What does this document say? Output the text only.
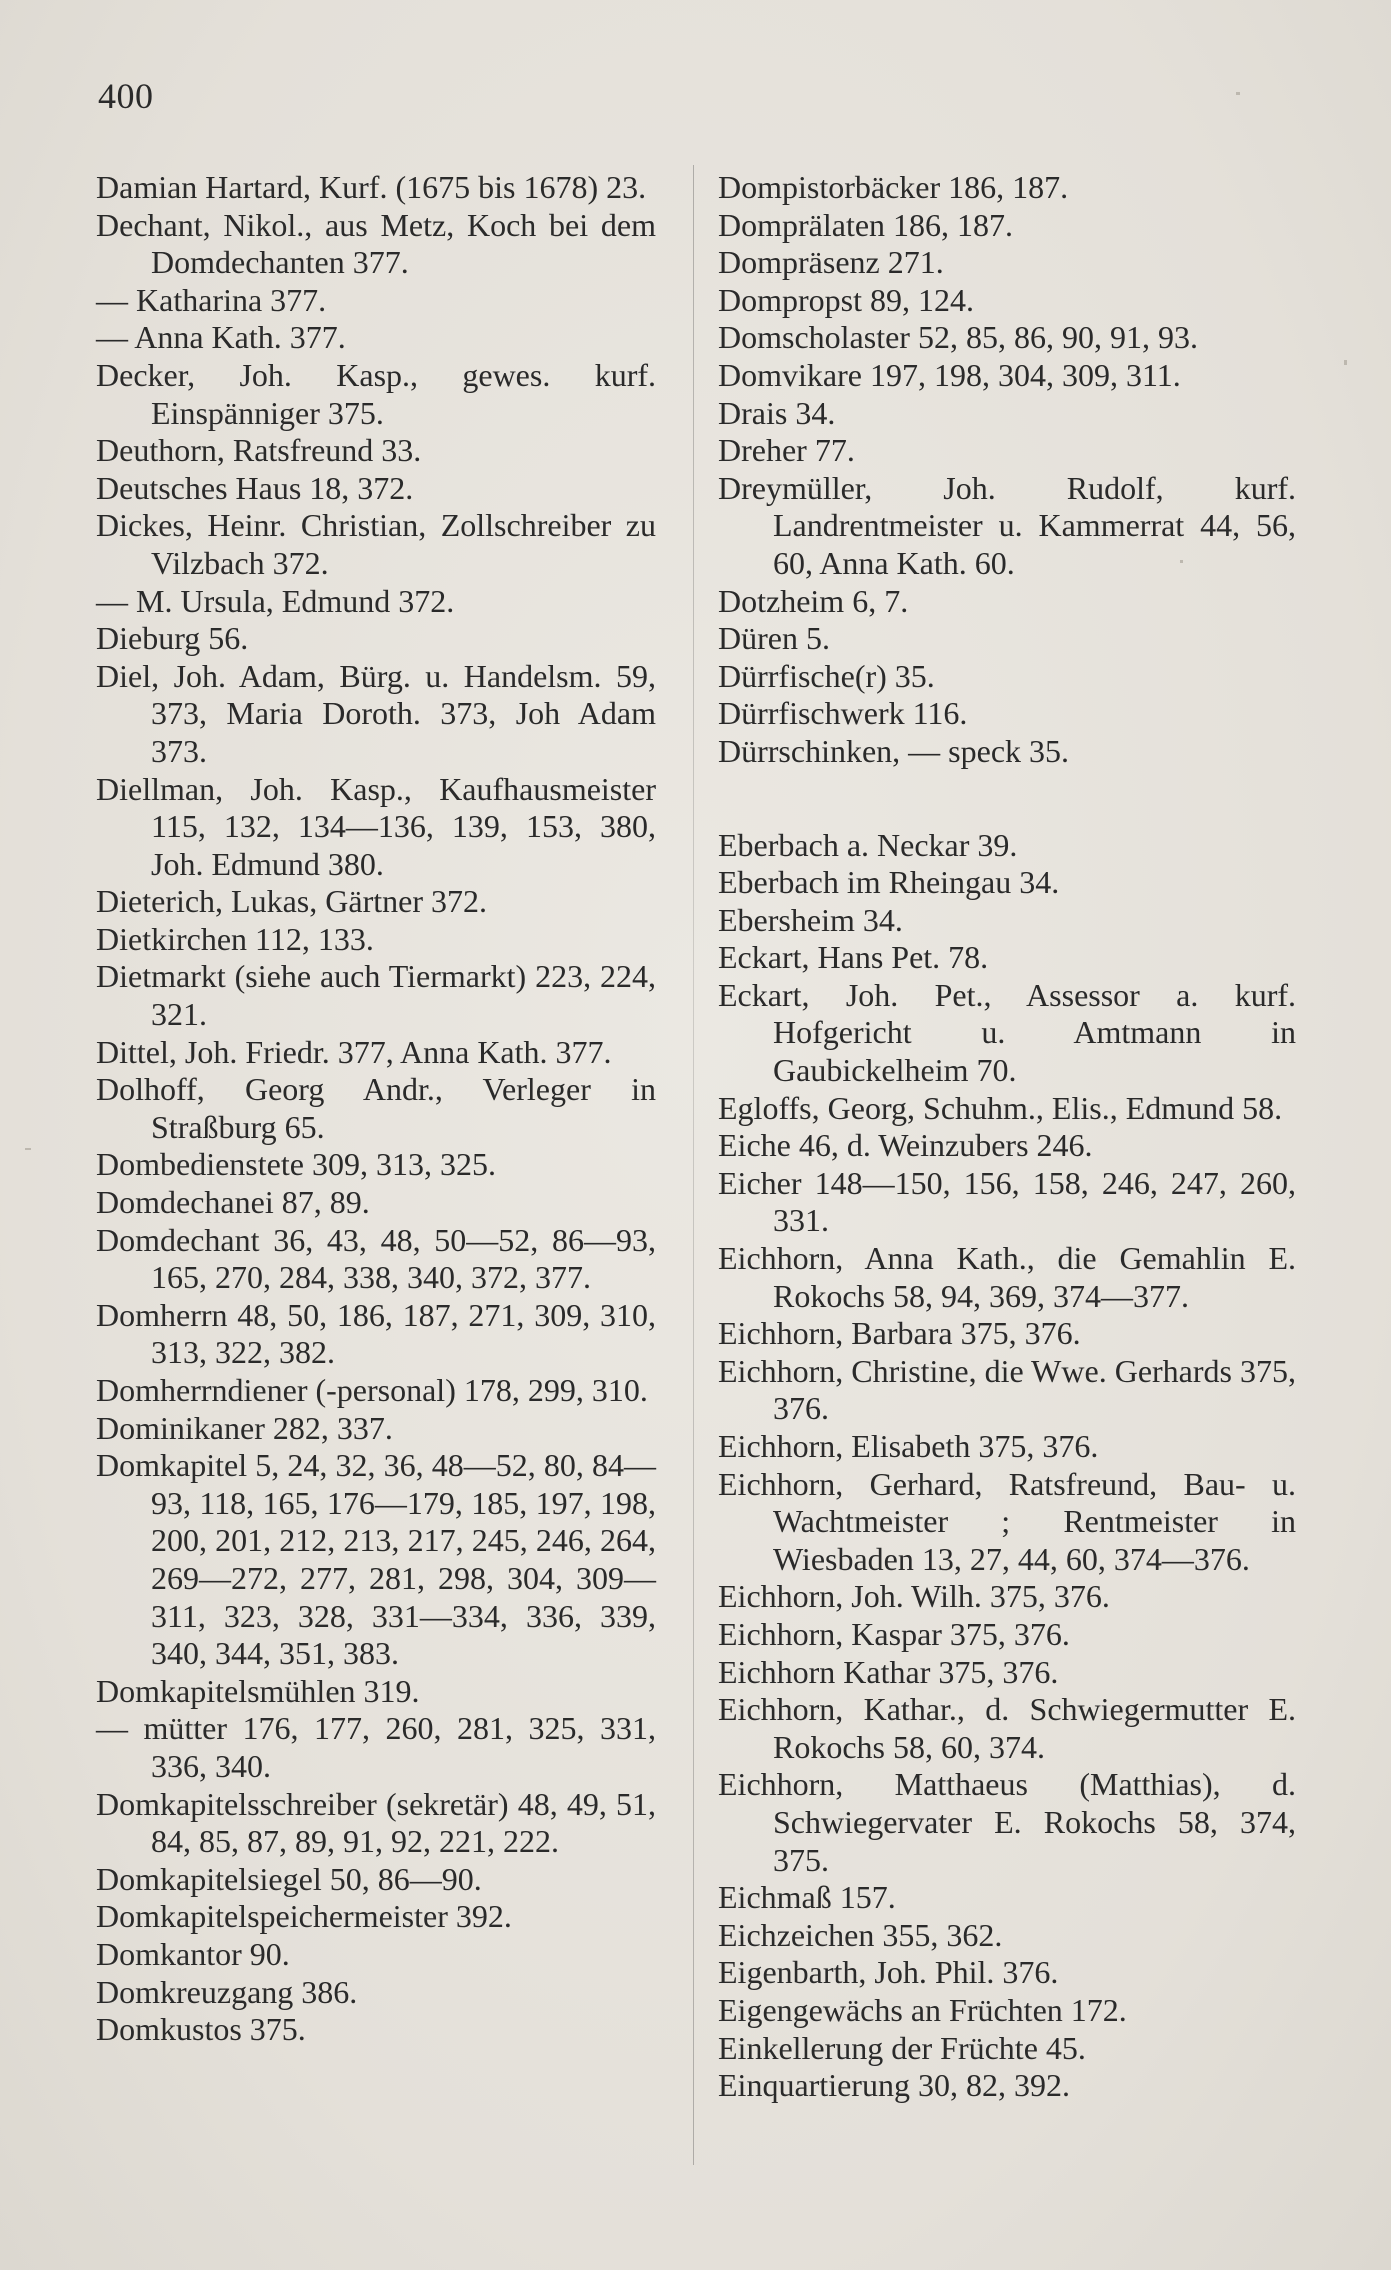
400

Damian Hartard, Kurf. (1675 bis 1678) 23.

Dechant, Nikol., aus Metz, Koch bei dem Domdechanten 377.

— Katharina 377.

— Anna Kath. 377.

Decker, Joh. Kasp., gewes. kurf. Einspänniger 375.

Deuthorn, Ratsfreund 33.

Deutsches Haus 18, 372.

Dickes, Heinr. Christian, Zollschreiber zu Vilzbach 372.

— M. Ursula, Edmund 372.

Dieburg 56.

Diel, Joh. Adam, Bürg. u. Handelsm. 59, 373, Maria Doroth. 373, Joh Adam 373.

Diellman, Joh. Kasp., Kaufhausmeister 115, 132, 134—136, 139, 153, 380, Joh. Edmund 380.

Dieterich, Lukas, Gärtner 372.

Dietkirchen 112, 133.

Dietmarkt (siehe auch Tiermarkt) 223, 224, 321.

Dittel, Joh. Friedr. 377, Anna Kath. 377.

Dolhoff, Georg Andr., Verleger in Straßburg 65.

Dombedienstete 309, 313, 325.

Domdechanei 87, 89.

Domdechant 36, 43, 48, 50—52, 86—93, 165, 270, 284, 338, 340, 372, 377.

Domherrn 48, 50, 186, 187, 271, 309, 310, 313, 322, 382.

Domherrndiener (-personal) 178, 299, 310.

Dominikaner 282, 337.

Domkapitel 5, 24, 32, 36, 48—52, 80, 84—93, 118, 165, 176—179, 185, 197, 198, 200, 201, 212, 213, 217, 245, 246, 264, 269—272, 277, 281, 298, 304, 309—311, 323, 328, 331—334, 336, 339, 340, 344, 351, 383.

Domkapitelsmühlen 319.

— mütter 176, 177, 260, 281, 325, 331, 336, 340.

Domkapitelsschreiber (sekretär) 48, 49, 51, 84, 85, 87, 89, 91, 92, 221, 222.

Domkapitelsiegel 50, 86—90.

Domkapitelspeichermeister 392.

Domkantor 90.

Domkreuzgang 386.

Domkustos 375.

Dompistorbäcker 186, 187.

Domprälaten 186, 187.

Dompräsenz 271.

Dompropst 89, 124.

Domscholaster 52, 85, 86, 90, 91, 93.

Domvikare 197, 198, 304, 309, 311.

Drais 34.

Dreher 77.

Dreymüller, Joh. Rudolf, kurf. Landrentmeister u. Kammerrat 44, 56, 60, Anna Kath. 60.

Dotzheim 6, 7.

Düren 5.

Dürrfische(r) 35.

Dürrfischwerk 116.

Dürrschinken, — speck 35.

Eberbach a. Neckar 39.

Eberbach im Rheingau 34.

Ebersheim 34.

Eckart, Hans Pet. 78.

Eckart, Joh. Pet., Assessor a. kurf. Hofgericht u. Amtmann in Gaubickelheim 70.

Egloffs, Georg, Schuhm., Elis., Edmund 58.

Eiche 46, d. Weinzubers 246.

Eicher 148—150, 156, 158, 246, 247, 260, 331.

Eichhorn, Anna Kath., die Gemahlin E. Rokochs 58, 94, 369, 374—377.

Eichhorn, Barbara 375, 376.

Eichhorn, Christine, die Wwe. Gerhards 375, 376.

Eichhorn, Elisabeth 375, 376.

Eichhorn, Gerhard, Ratsfreund, Bau- u. Wachtmeister ; Rentmeister in Wiesbaden 13, 27, 44, 60, 374—376.

Eichhorn, Joh. Wilh. 375, 376.

Eichhorn, Kaspar 375, 376.

Eichhorn Kathar 375, 376.

Eichhorn, Kathar., d. Schwiegermutter E. Rokochs 58, 60, 374.

Eichhorn, Matthaeus (Matthias), d. Schwiegervater E. Rokochs 58, 374, 375.

Eichmaß 157.

Eichzeichen 355, 362.

Eigenbarth, Joh. Phil. 376.

Eigengewächs an Früchten 172.

Einkellerung der Früchte 45.

Einquartierung 30, 82, 392.
